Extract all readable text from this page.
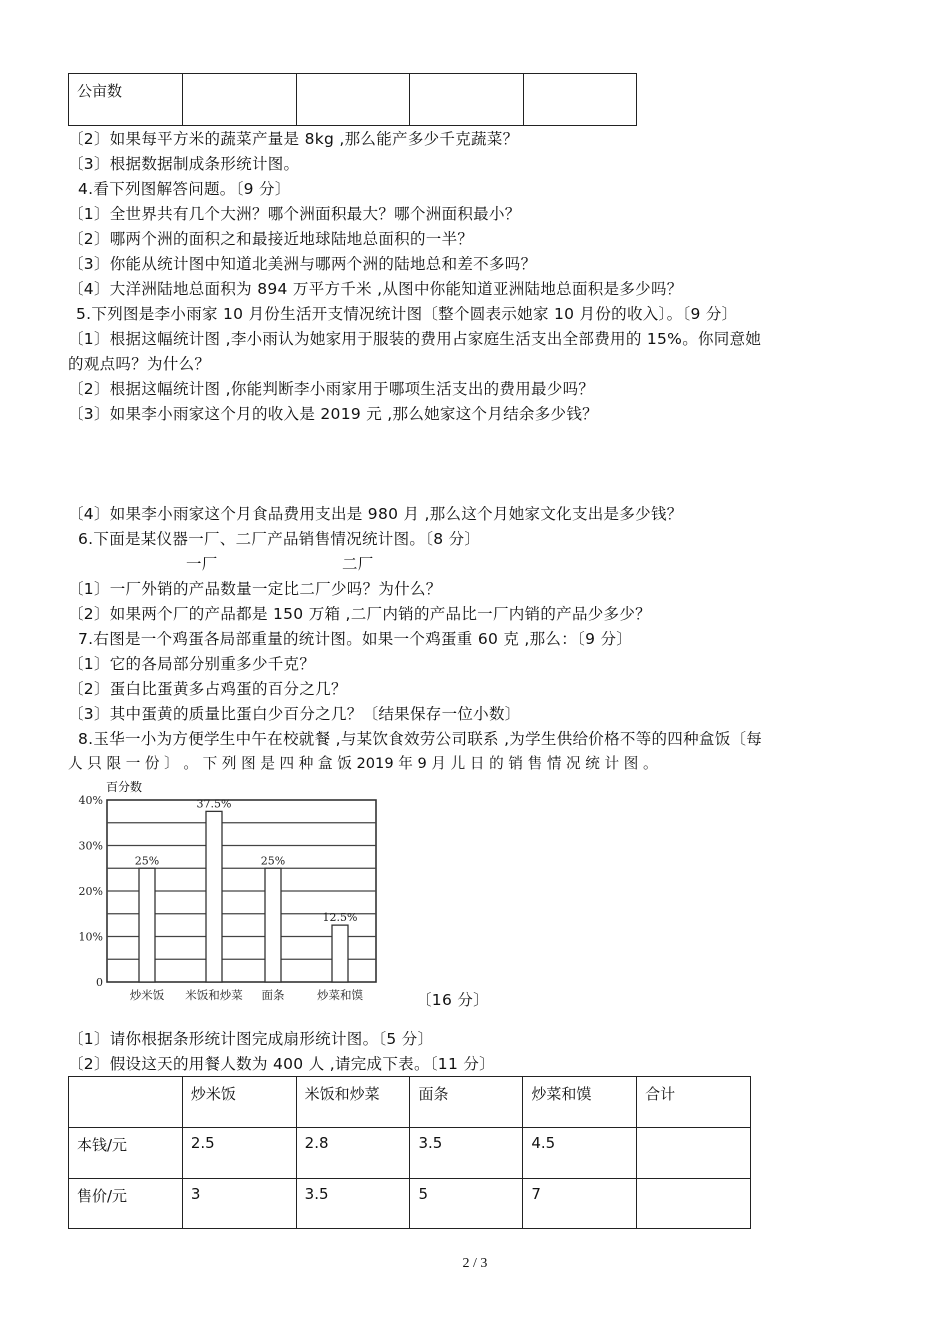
公亩数				
〔2〕如果每平方米的蔬菜产量是 8kg ,那么能产多少千克蔬菜？
〔3〕根据数据制成条形统计图。
4.看下列图解答问题。〔9 分〕
〔1〕全世界共有几个大洲？哪个洲面积最大？哪个洲面积最小？
〔2〕哪两个洲的面积之和最接近地球陆地总面积的一半？
〔3〕你能从统计图中知道北美洲与哪两个洲的陆地总和差不多吗？
〔4〕大洋洲陆地总面积为 894 万平方千米 ,从图中你能知道亚洲陆地总面积是多少吗？
5.下列图是李小雨家 10 月份生活开支情况统计图〔整个圆表示她家 10 月份的收入〕。〔9 分〕
〔1〕根据这幅统计图 ,李小雨认为她家用于服装的费用占家庭生活支出全部费用的 15%。你同意她
的观点吗？为什么？
〔2〕根据这幅统计图 ,你能判断李小雨家用于哪项生活支出的费用最少吗？
〔3〕如果李小雨家这个月的收入是 2019 元 ,那么她家这个月结余多少钱？
〔4〕如果李小雨家这个月食品费用支出是 980 月 ,那么这个月她家文化支出是多少钱？
6.下面是某仪器一厂、二厂产品销售情况统计图。〔8 分〕
一厂	二厂
〔1〕一厂外销的产品数量一定比二厂少吗？为什么？
〔2〕如果两个厂的产品都是 150 万箱 ,二厂内销的产品比一厂内销的产品少多少？
7.右图是一个鸡蛋各局部重量的统计图。如果一个鸡蛋重 60 克 ,那么：〔9 分〕
〔1〕它的各局部分别重多少千克？
〔2〕蛋白比蛋黄多占鸡蛋的百分之几？
〔3〕其中蛋黄的质量比蛋白少百分之几？〔结果保存一位小数〕
8.玉华一小为方便学生中午在校就餐 ,与某饮食效劳公司联系 ,为学生供给价格不等的四种盒饭〔每
人 只 限 一 份 〕 。 下 列 图 是 四 种 盒 饭 2019 年 9 月 儿 日 的 销 售 情 况 统 计 图 。
百分数
40%
30%
20%
10%
0
25%
炒米饭
37.5%
米饭和炒菜
25%
面条
12.5%
炒菜和馍	〔16 分〕
〔1〕请你根据条形统计图完成扇形统计图。〔5 分〕
〔2〕假设这天的用餐人数为 400 人 ,请完成下表。〔11 分〕
	炒米饭	米饭和炒菜	面条	炒菜和馍	合计
本钱/元	2.5	2.8	3.5	4.5	
售价/元	3	3.5	5	7	
2 / 3
